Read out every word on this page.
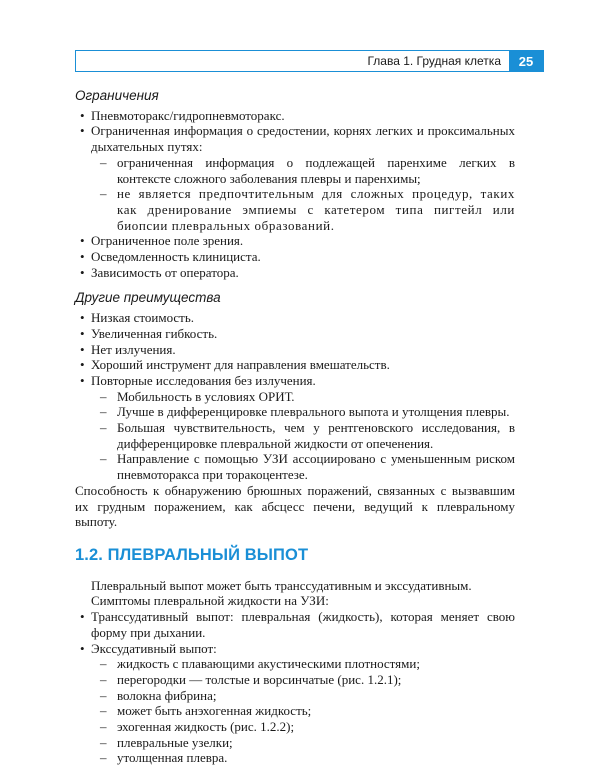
Глава 1. Грудная клетка	25
Ограничения
• Пневмоторакс/гидропневмоторакс.
• Ограниченная информация о средостении, корнях легких и проксимальных дыхательных путях:
– ограниченная информация о подлежащей паренхиме легких в контексте сложного заболевания плевры и паренхимы;
– не является предпочтительным для сложных процедур, таких как дренирование эмпиемы с катетером типа пигтейл или биопсии плевральных образований.
• Ограниченное поле зрения.
• Осведомленность клинициста.
• Зависимость от оператора.
Другие преимущества
• Низкая стоимость.
• Увеличенная гибкость.
• Нет излучения.
• Хороший инструмент для направления вмешательств.
• Повторные исследования без излучения.
– Мобильность в условиях ОРИТ.
– Лучше в дифференцировке плеврального выпота и утолщения плевры.
– Большая чувствительность, чем у рентгеновского исследования, в дифференцировке плевральной жидкости от опеченения.
– Направление с помощью УЗИ ассоциировано с уменьшенным риском пневмоторакса при торакоцентезе.

Способность к обнаружению брюшных поражений, связанных с вызвавшим их грудным поражением, как абсцесс печени, ведущий к плевральному выпоту.

1.2. ПЛЕВРАЛЬНЫЙ ВЫПОТ

Плевральный выпот может быть транссудативным и экссудативным.

Симптомы плевральной жидкости на УЗИ:

• Транссудативный выпот: плевральная (жидкость), которая меняет свою форму при дыхании.
• Экссудативный выпот:
– жидкость с плавающими акустическими плотностями;
– перегородки — толстые и ворсинчатые (рис. 1.2.1);
– волокна фибрина;
– может быть анэхогенная жидкость;
– эхогенная жидкость (рис. 1.2.2);
– плевральные узелки;
– утолщенная плевра.
